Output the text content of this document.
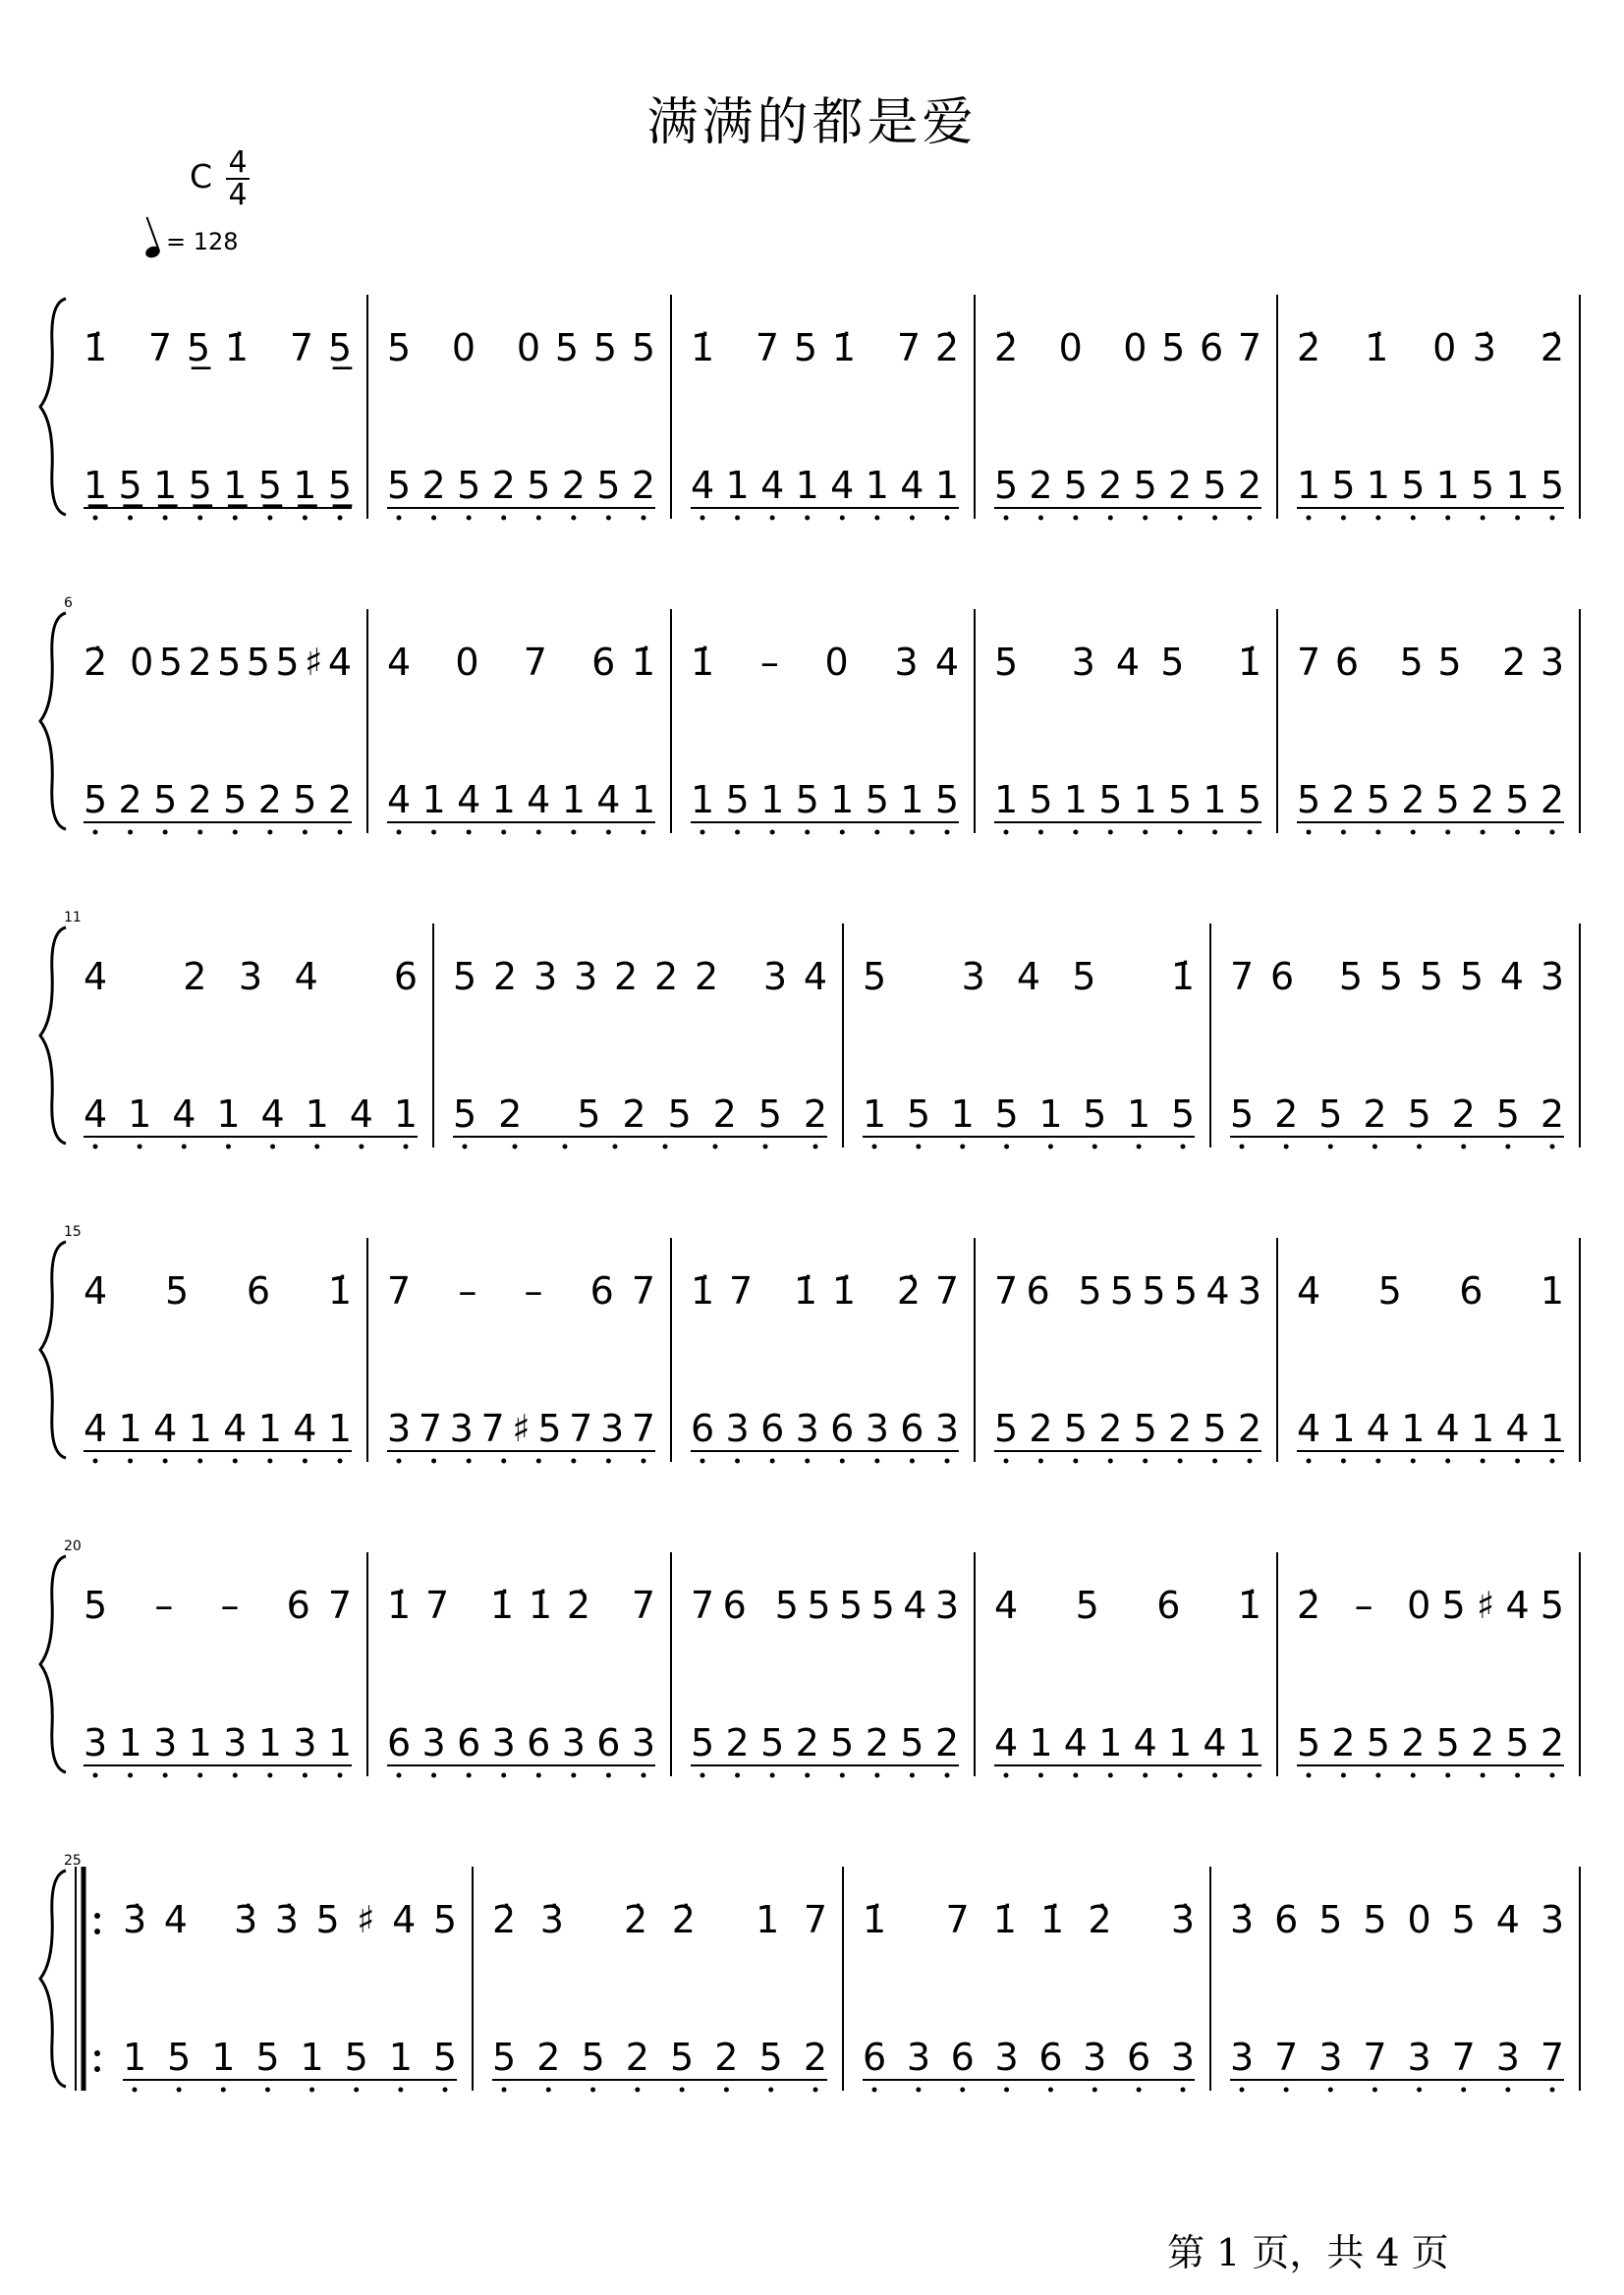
满满的都是爱
C 4
4
= 128
1̇ 75̲1̇ 75̲
1̲5̲1̲5̲1̲5̲1̲5̲
5 0 0555
52525252
1̇ 751̇ 72̇
41414141
2̇ 0 0567
52525252
2̇ 1̇ 03̇ 2̇
15151515
6
2̇ 052555♯4
52525252
4 0 7 61̇
41414141
1̇ – 0 34
15151515
5 345 1̇
15151515
76 55 23
52525252
11
4 234 6
41414141
5233222 34
52 525252
5 345 1̇
15151515
76 555543
52525252
15
4 5 6 1̇
41414141
7 – – 67
3737♯5737
1̇7 1̇1̇ 2̇7
63636363
76 555543
52525252
4 5 6 1
41414141
20
5 – – 67
31313131
1̇7 1̇1̇2̇ 7
63636363
76 555543
52525252
4 5 6 1̇
41414141
2̇ – 05♯45
52525252
25
3̇4 3̇3̇5♯45
15151515
2̇3̇ 2̇2̇ 17
52525252
1̇ 71̇1̇2̇ 3̇
63636363
3̇6550543
37373737
第 1 页，共 4 页
